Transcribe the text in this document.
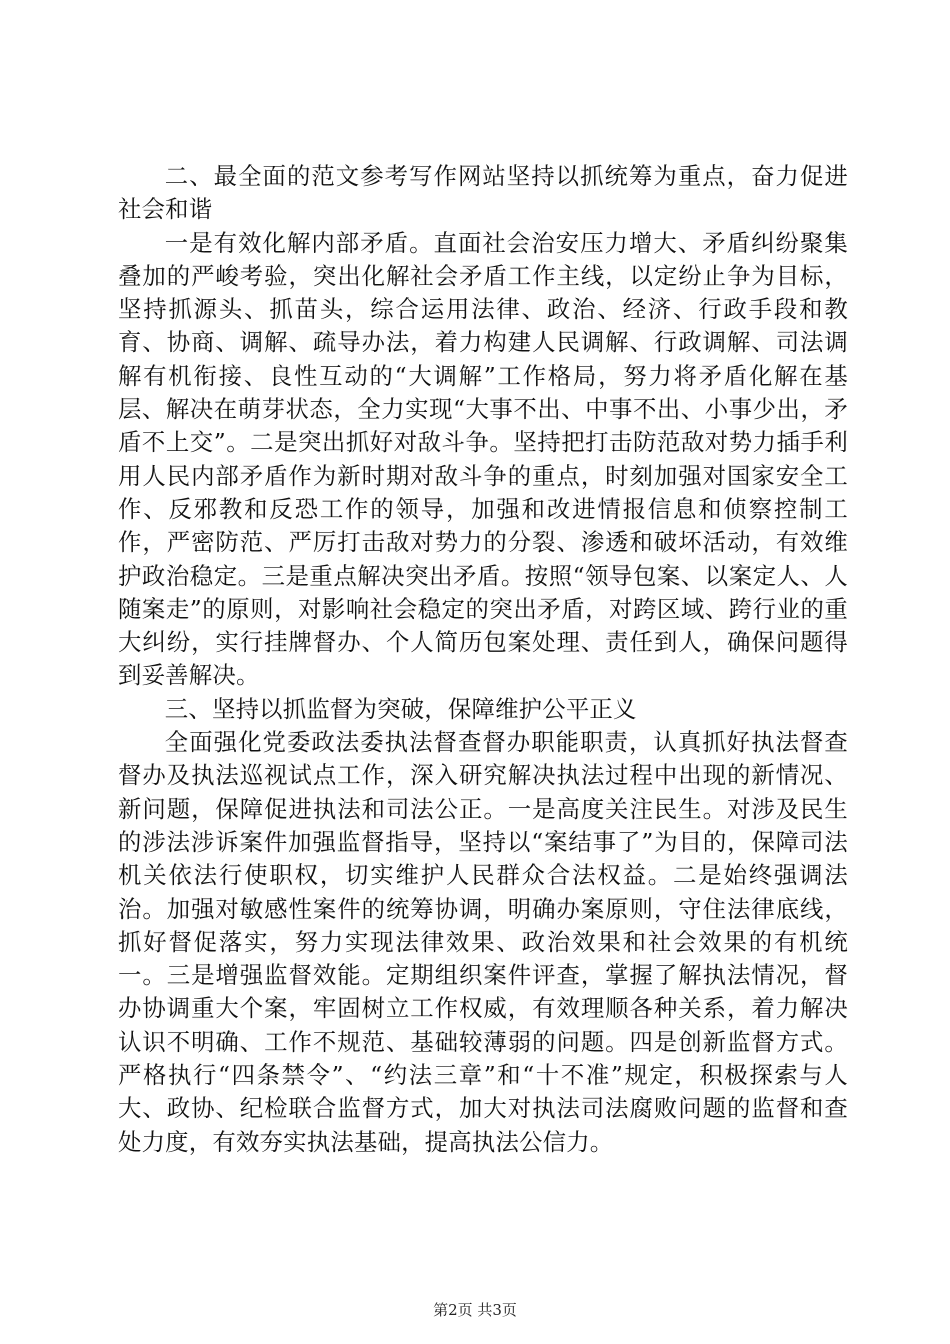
二、最全面的范文参考写作网站坚持以抓统筹为重点，奋力促进社会和谐

一是有效化解内部矛盾。直面社会治安压力增大、矛盾纠纷聚集叠加的严峻考验，突出化解社会矛盾工作主线，以定纷止争为目标，坚持抓源头、抓苗头，综合运用法律、政治、经济、行政手段和教育、协商、调解、疏导办法，着力构建人民调解、行政调解、司法调解有机衔接、良性互动的“大调解”工作格局，努力将矛盾化解在基层、解决在萌芽状态，全力实现“大事不出、中事不出、小事少出，矛盾不上交”。二是突出抓好对敌斗争。坚持把打击防范敌对势力插手利用人民内部矛盾作为新时期对敌斗争的重点，时刻加强对国家安全工作、反邪教和反恐工作的领导，加强和改进情报信息和侦察控制工作，严密防范、严厉打击敌对势力的分裂、渗透和破坏活动，有效维护政治稳定。三是重点解决突出矛盾。按照“领导包案、以案定人、人随案走”的原则，对影响社会稳定的突出矛盾，对跨区域、跨行业的重大纠纷，实行挂牌督办、个人简历包案处理、责任到人，确保问题得到妥善解决。

三、坚持以抓监督为突破，保障维护公平正义

全面强化党委政法委执法督查督办职能职责，认真抓好执法督查督办及执法巡视试点工作，深入研究解决执法过程中出现的新情况、新问题，保障促进执法和司法公正。一是高度关注民生。对涉及民生的涉法涉诉案件加强监督指导，坚持以“案结事了”为目的，保障司法机关依法行使职权，切实维护人民群众合法权益。二是始终强调法治。加强对敏感性案件的统筹协调，明确办案原则，守住法律底线，抓好督促落实，努力实现法律效果、政治效果和社会效果的有机统一。三是增强监督效能。定期组织案件评查，掌握了解执法情况，督办协调重大个案，牢固树立工作权威，有效理顺各种关系，着力解决认识不明确、工作不规范、基础较薄弱的问题。四是创新监督方式。严格执行“四条禁令”、“约法三章”和“十不准”规定，积极探索与人大、政协、纪检联合监督方式，加大对执法司法腐败问题的监督和查处力度，有效夯实执法基础，提高执法公信力。

第2页 共3页
